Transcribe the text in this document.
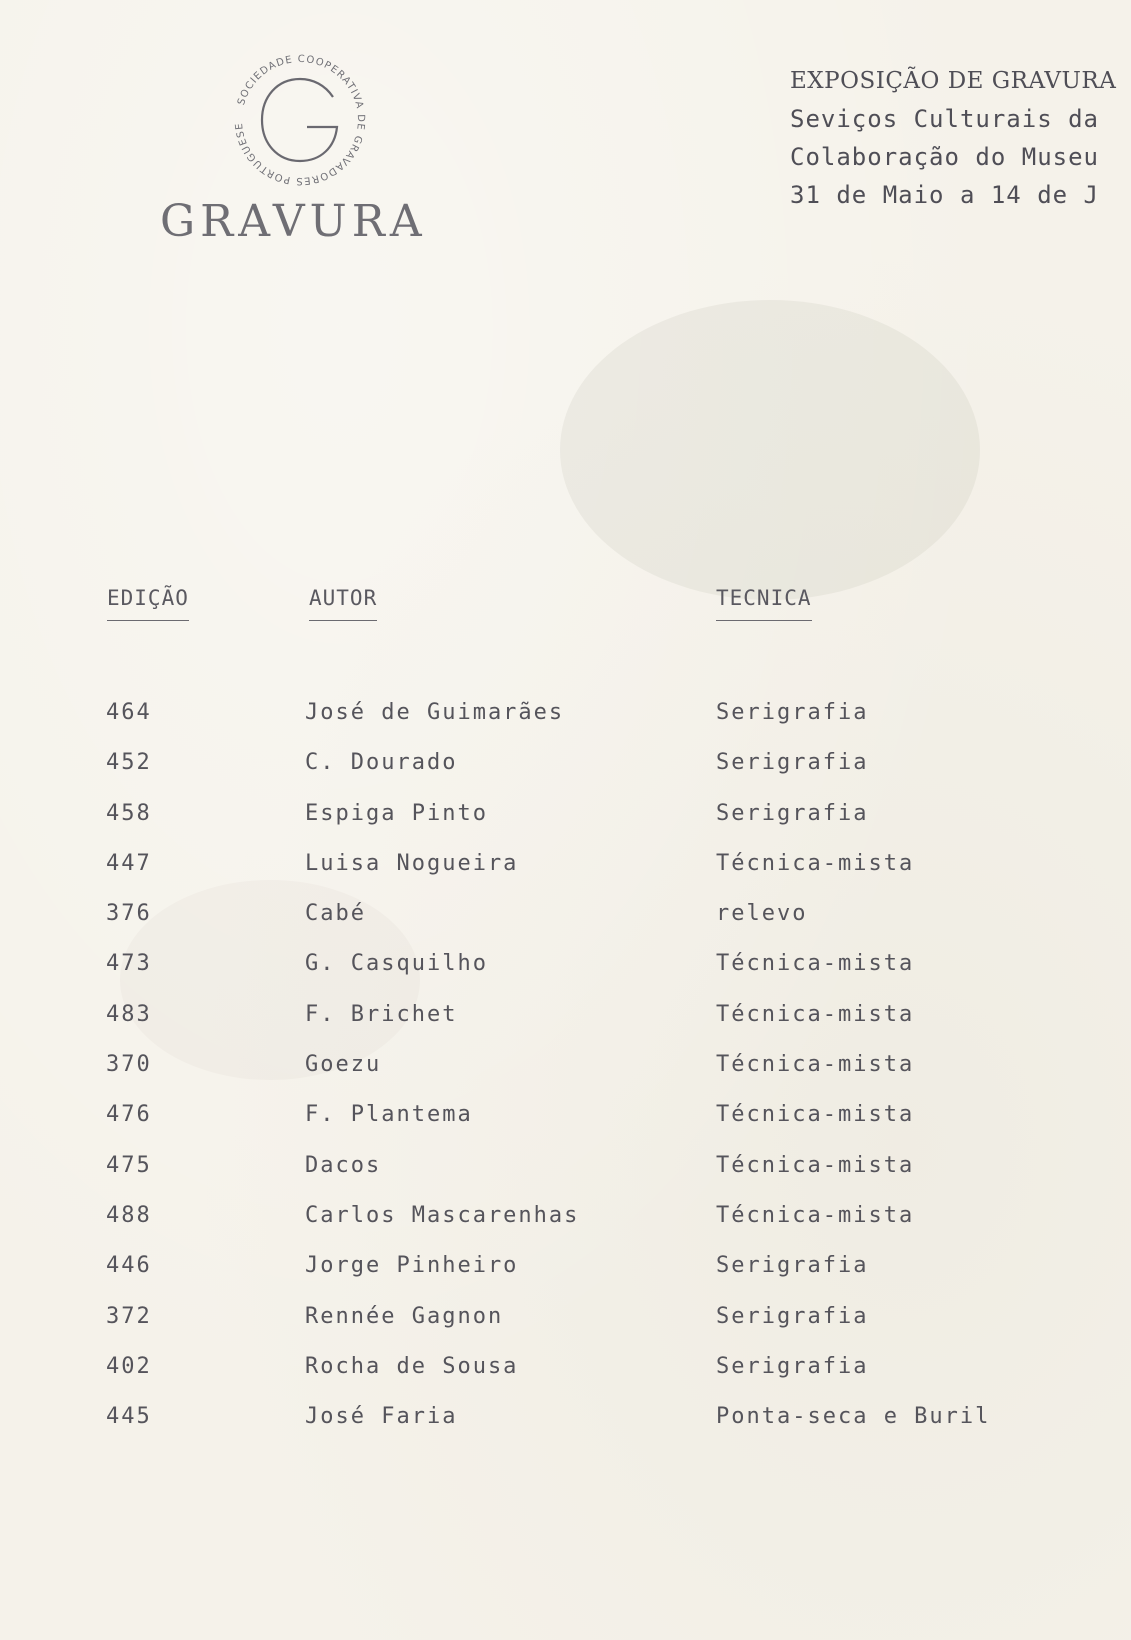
SOCIEDADE COOPERATIVA DE GRAVADORES PORTUGUESE	G
GRAVURA
EXPOSIÇÃO DE GRAVURA
Seviços Culturais da
Colaboração do Museu
31 de Maio a 14 de J
EDIÇÃO	AUTOR	TECNICA
464	José de Guimarães	Serigrafia
452	C. Dourado	Serigrafia
458	Espiga Pinto	Serigrafia
447	Luisa Nogueira	Técnica-mista
376	Cabé	relevo
473	G. Casquilho	Técnica-mista
483	F. Brichet	Técnica-mista
370	Goezu	Técnica-mista
476	F. Plantema	Técnica-mista
475	Dacos	Técnica-mista
488	Carlos Mascarenhas	Técnica-mista
446	Jorge Pinheiro	Serigrafia
372	Rennée Gagnon	Serigrafia
402	Rocha de Sousa	Serigrafia
445	José Faria	Ponta-seca e Buril
